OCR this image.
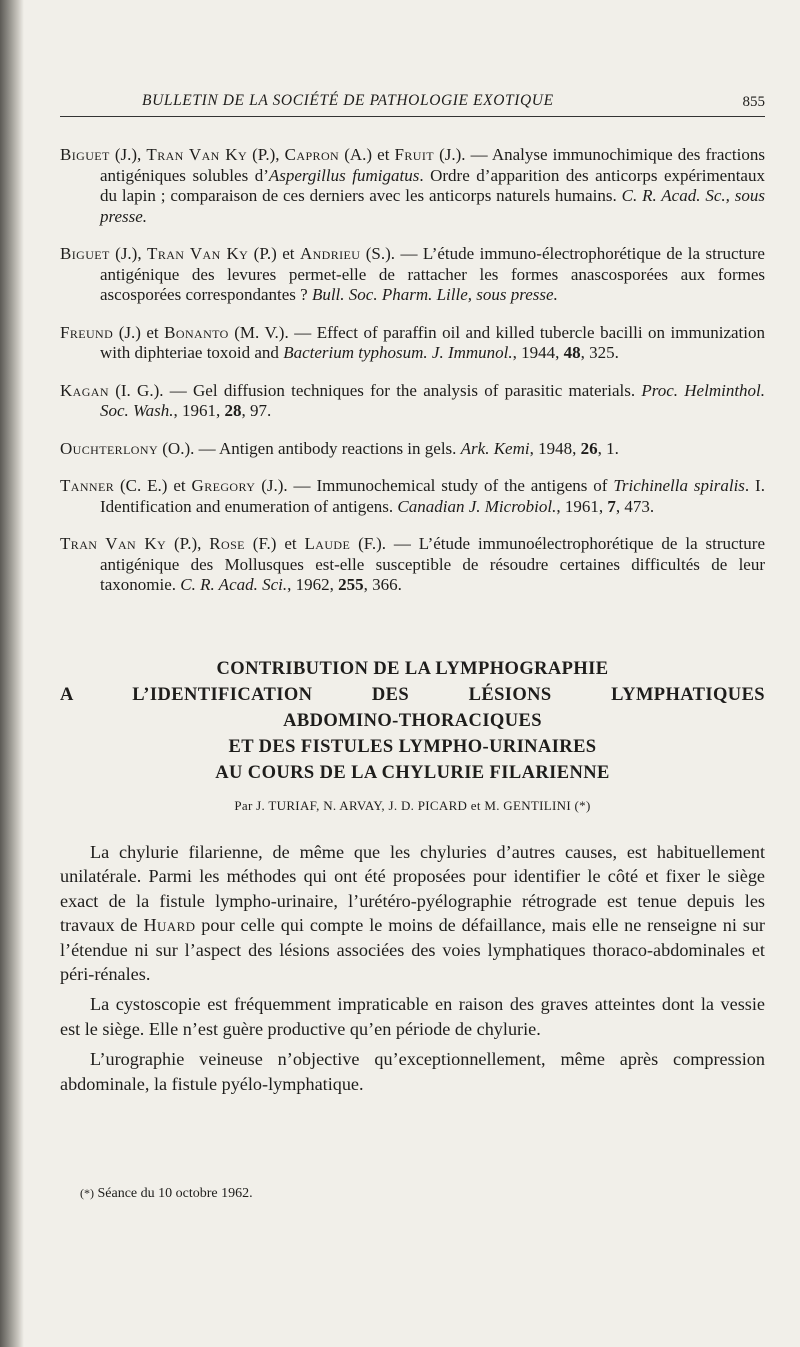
BULLETIN DE LA SOCIÉTÉ DE PATHOLOGIE EXOTIQUE	855

Biguet (J.), Tran Van Ky (P.), Capron (A.) et Fruit (J.). — Analyse immunochimique des fractions antigéniques solubles d’Aspergillus fumigatus. Ordre d’apparition des anticorps expérimentaux du lapin ; comparaison de ces derniers avec les anticorps naturels humains. C. R. Acad. Sc., sous presse.

Biguet (J.), Tran Van Ky (P.) et Andrieu (S.). — L’étude immuno-électrophorétique de la structure antigénique des levures permet-elle de rattacher les formes anascosporées aux formes ascosporées correspondantes ? Bull. Soc. Pharm. Lille, sous presse.

Freund (J.) et Bonanto (M. V.). — Effect of paraffin oil and killed tubercle bacilli on immunization with diphteriae toxoid and Bacterium typhosum. J. Immunol., 1944, 48, 325.

Kagan (I. G.). — Gel diffusion techniques for the analysis of parasitic materials. Proc. Helminthol. Soc. Wash., 1961, 28, 97.

Ouchterlony (O.). — Antigen antibody reactions in gels. Ark. Kemi, 1948, 26, 1.

Tanner (C. E.) et Gregory (J.). — Immunochemical study of the antigens of Trichinella spiralis. I. Identification and enumeration of antigens. Canadian J. Microbiol., 1961, 7, 473.

Tran Van Ky (P.), Rose (F.) et Laude (F.). — L’étude immunoélectrophorétique de la structure antigénique des Mollusques est-elle susceptible de résoudre certaines difficultés de leur taxonomie. C. R. Acad. Sci., 1962, 255, 366.

CONTRIBUTION DE LA LYMPHOGRAPHIE
A L’IDENTIFICATION DES LÉSIONS LYMPHATIQUES
ABDOMINO-THORACIQUES
ET DES FISTULES LYMPHO-URINAIRES
AU COURS DE LA CHYLURIE FILARIENNE
Par J. TURIAF, N. ARVAY, J. D. PICARD et M. GENTILINI (*)

La chylurie filarienne, de même que les chyluries d’autres causes, est habituellement unilatérale. Parmi les méthodes qui ont été proposées pour identifier le côté et fixer le siège exact de la fistule lympho-urinaire, l’urétéro-pyélographie rétrograde est tenue depuis les travaux de Huard pour celle qui compte le moins de défaillance, mais elle ne renseigne ni sur l’étendue ni sur l’aspect des lésions associées des voies lymphatiques thoraco-abdominales et péri-rénales.

La cystoscopie est fréquemment impraticable en raison des graves atteintes dont la vessie est le siège. Elle n’est guère productive qu’en période de chylurie.

L’urographie veineuse n’objective qu’exceptionnellement, même après compression abdominale, la fistule pyélo-lymphatique.

(*) Séance du 10 octobre 1962.
